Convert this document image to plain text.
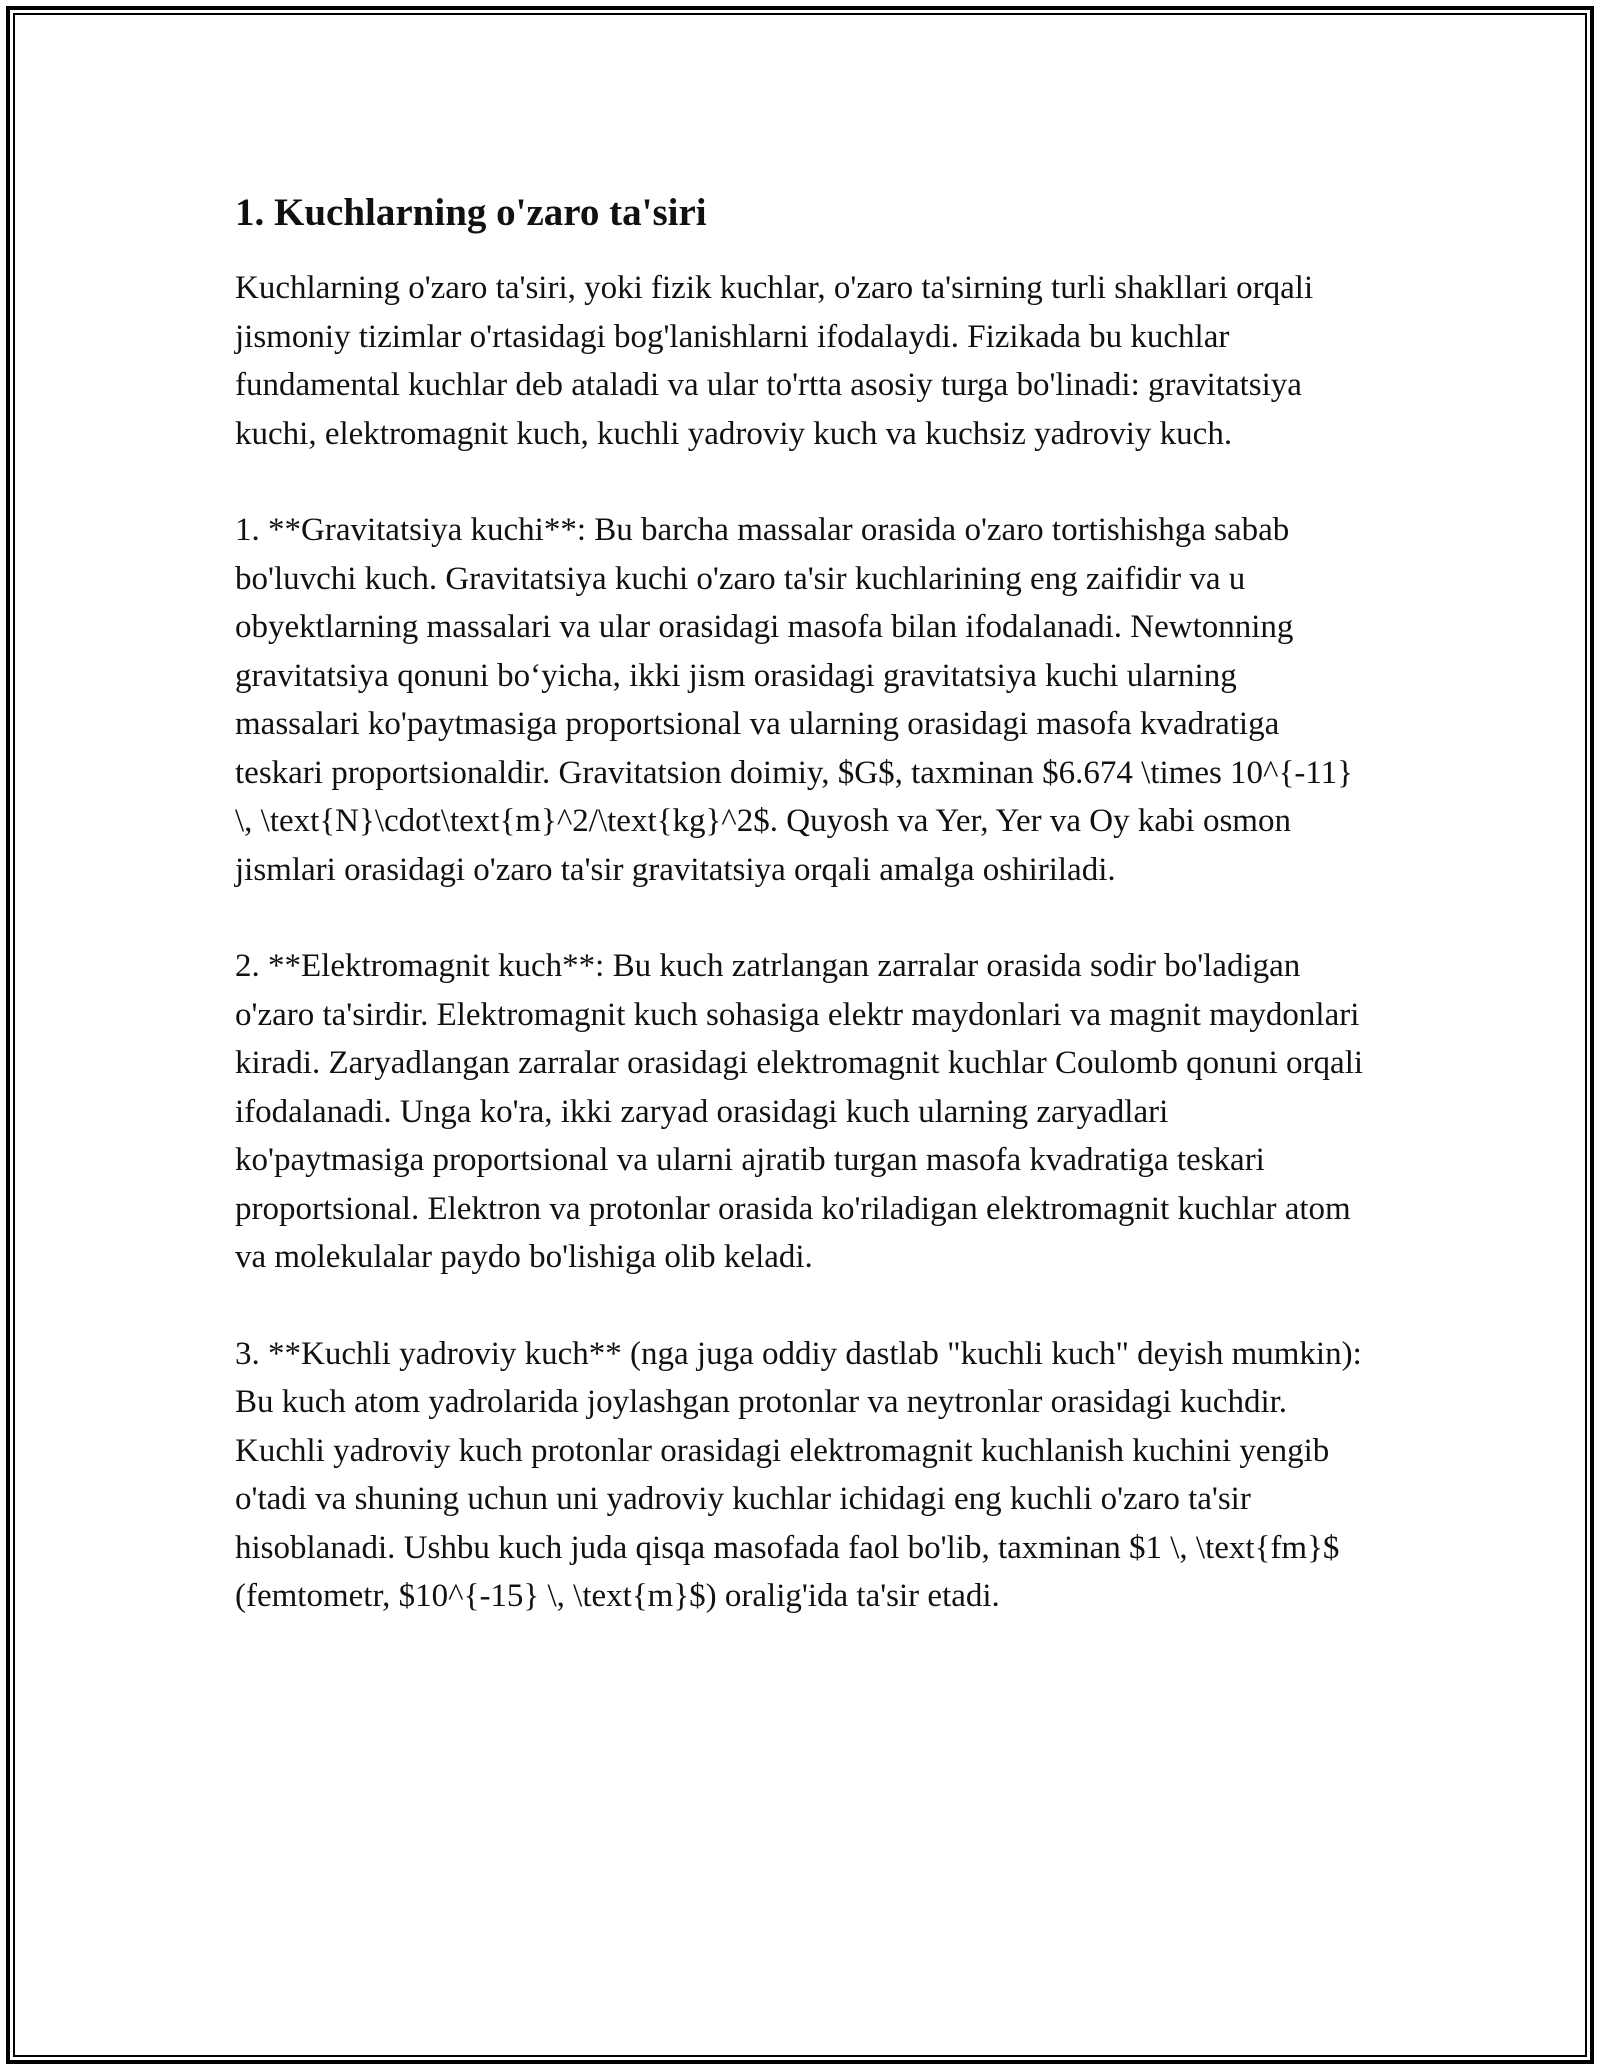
1. Kuchlarning o'zaro ta'siri

Kuchlarning o'zaro ta'siri, yoki fizik kuchlar, o'zaro ta'sirning turli shakllari orqali jismoniy tizimlar o'rtasidagi bog'lanishlarni ifodalaydi. Fizikada bu kuchlar fundamental kuchlar deb ataladi va ular to'rtta asosiy turga bo'linadi: gravitatsiya kuchi, elektromagnit kuch, kuchli yadroviy kuch va kuchsiz yadroviy kuch.

1. **Gravitatsiya kuchi**: Bu barcha massalar orasida o'zaro tortishishga sabab bo'luvchi kuch. Gravitatsiya kuchi o'zaro ta'sir kuchlarining eng zaifidir va u obyektlarning massalari va ular orasidagi masofa bilan ifodalanadi. Newtonning gravitatsiya qonuni bo‘yicha, ikki jism orasidagi gravitatsiya kuchi ularning massalari ko'paytmasiga proportsional va ularning orasidagi masofa kvadratiga teskari proportsionaldir. Gravitatsion doimiy, $G$, taxminan $6.674 \times 10^{-11} \, \text{N}\cdot\text{m}^2/\text{kg}^2$. Quyosh va Yer, Yer va Oy kabi osmon jismlari orasidagi o'zaro ta'sir gravitatsiya orqali amalga oshiriladi.

2. **Elektromagnit kuch**: Bu kuch zatrlangan zarralar orasida sodir bo'ladigan o'zaro ta'sirdir. Elektromagnit kuch sohasiga elektr maydonlari va magnit maydonlari kiradi. Zaryadlangan zarralar orasidagi elektromagnit kuchlar Coulomb qonuni orqali ifodalanadi. Unga ko'ra, ikki zaryad orasidagi kuch ularning zaryadlari ko'paytmasiga proportsional va ularni ajratib turgan masofa kvadratiga teskari proportsional. Elektron va protonlar orasida ko'riladigan elektromagnit kuchlar atom va molekulalar paydo bo'lishiga olib keladi.

3. **Kuchli yadroviy kuch** (nga juga oddiy dastlab "kuchli kuch" deyish mumkin): Bu kuch atom yadrolarida joylashgan protonlar va neytronlar orasidagi kuchdir. Kuchli yadroviy kuch protonlar orasidagi elektromagnit kuchlanish kuchini yengib o'tadi va shuning uchun uni yadroviy kuchlar ichidagi eng kuchli o'zaro ta'sir hisoblanadi. Ushbu kuch juda qisqa masofada faol bo'lib, taxminan $1 \, \text{fm}$ (femtometr, $10^{-15} \, \text{m}$) oralig'ida ta'sir etadi.
